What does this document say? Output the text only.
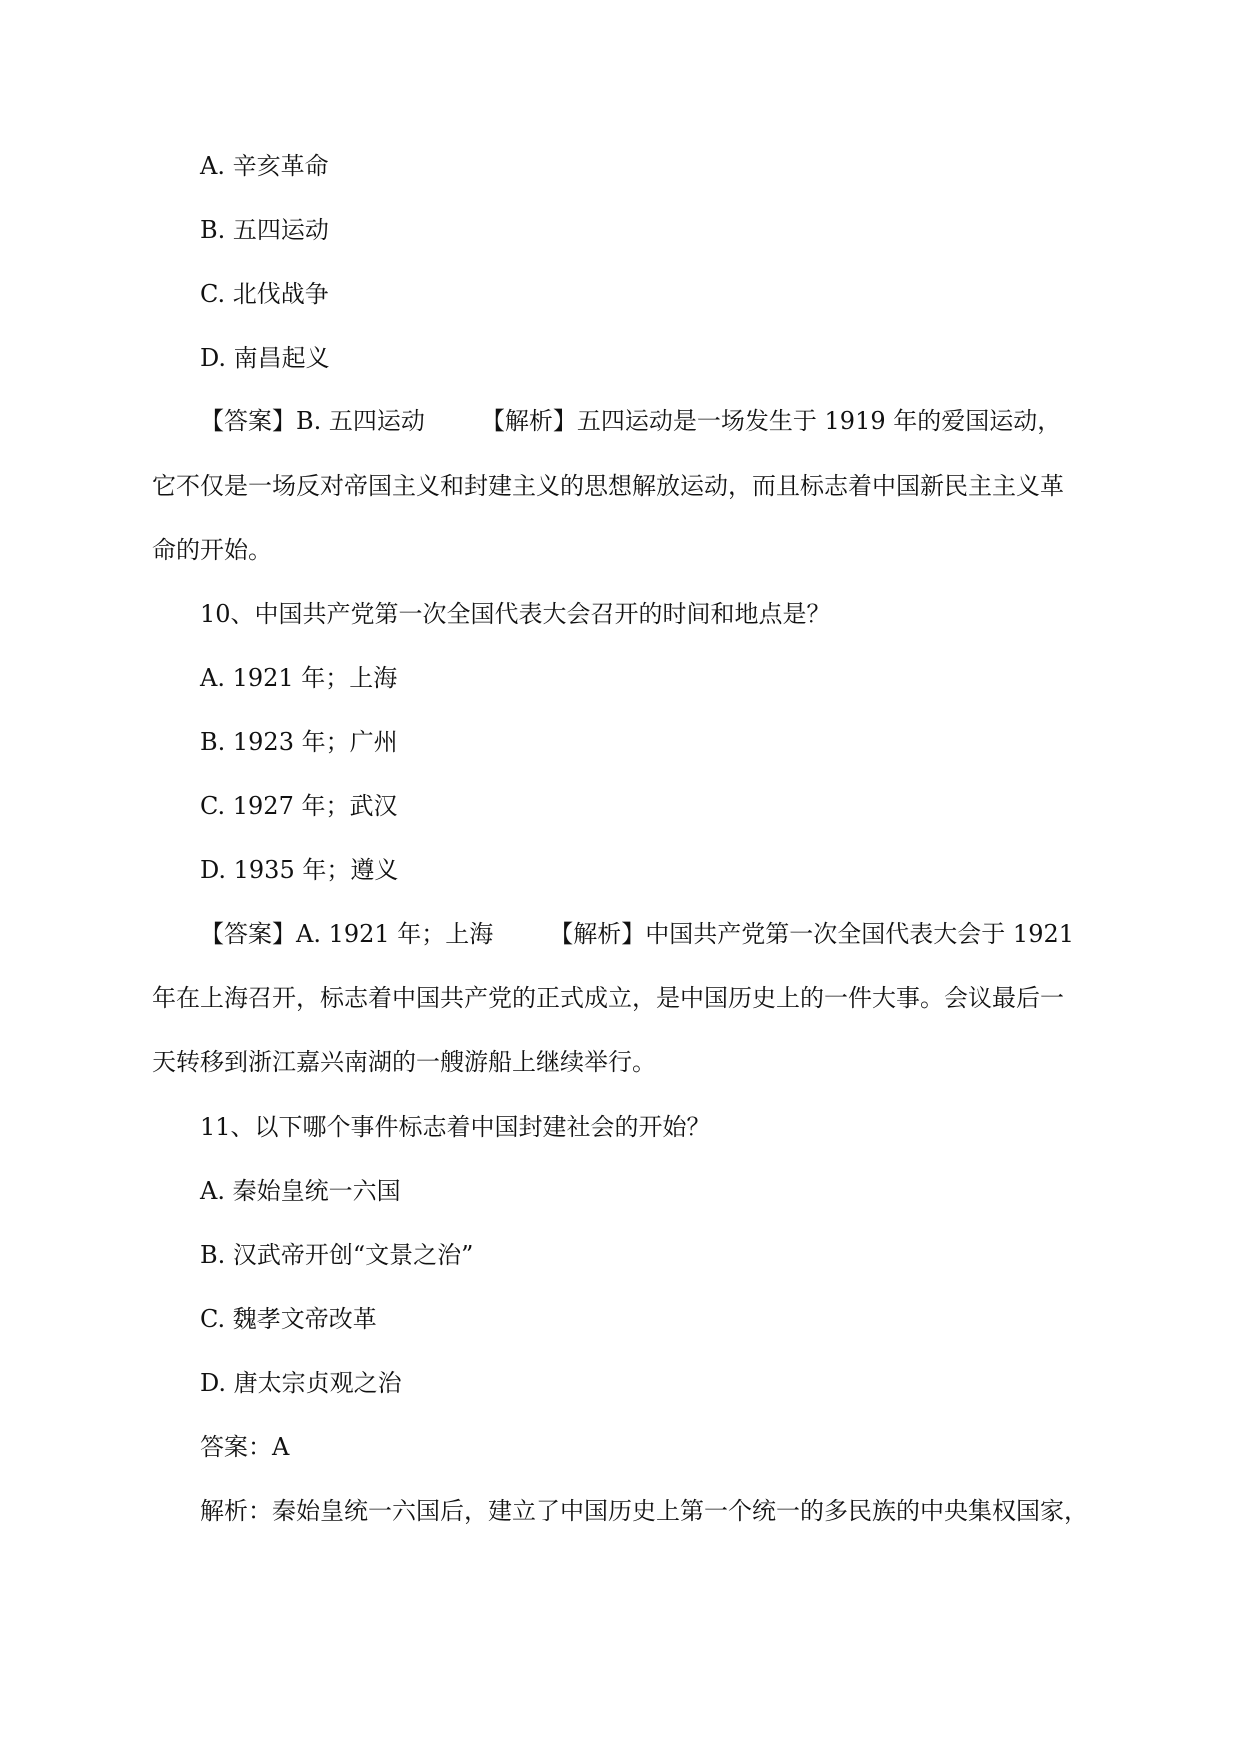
A. 辛亥革命
B. 五四运动
C. 北伐战争
D. 南昌起义
【答案】B. 五四运动 【解析】五四运动是一场发生于 1919 年的爱国运动，
它不仅是一场反对帝国主义和封建主义的思想解放运动，而且标志着中国新民主主义革
命的开始。
10、中国共产党第一次全国代表大会召开的时间和地点是？
A. 1921 年；上海
B. 1923 年；广州
C. 1927 年；武汉
D. 1935 年；遵义
【答案】A. 1921 年；上海 【解析】中国共产党第一次全国代表大会于 1921
年在上海召开，标志着中国共产党的正式成立，是中国历史上的一件大事。会议最后一
天转移到浙江嘉兴南湖的一艘游船上继续举行。
11、以下哪个事件标志着中国封建社会的开始？
A. 秦始皇统一六国
B. 汉武帝开创“文景之治”
C. 魏孝文帝改革
D. 唐太宗贞观之治
答案：A
解析：秦始皇统一六国后，建立了中国历史上第一个统一的多民族的中央集权国家，
